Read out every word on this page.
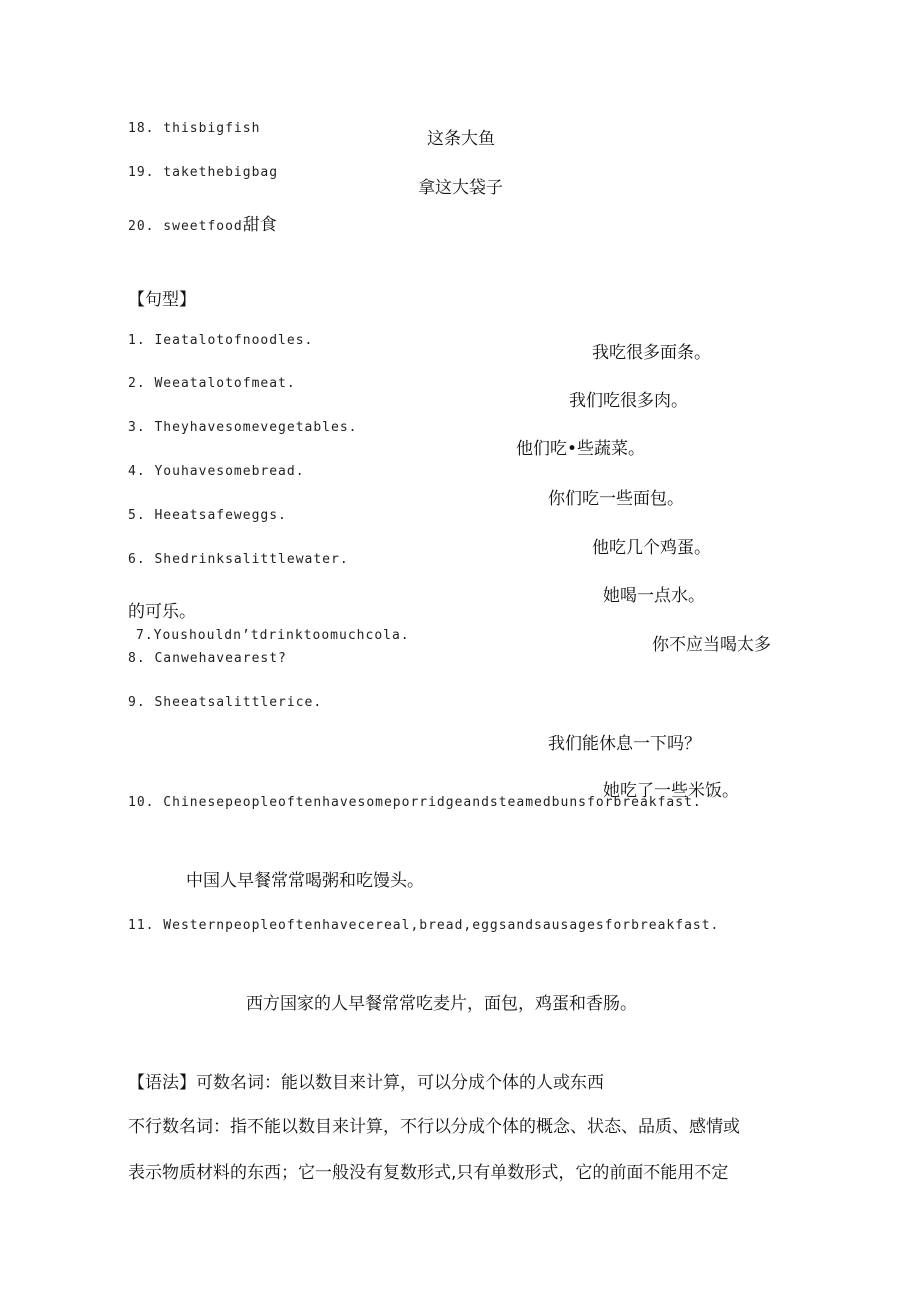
18. thisbigfish
这条大鱼
19. takethebigbag
拿这大袋子
20. sweetfood甜食
【句型】
1. Ieatalotofnoodles.
我吃很多面条。
2. Weeatalotofmeat.
我们吃很多肉。
3. Theyhavesomevegetables.
他们吃•些蔬菜。
4. Youhavesomebread.
你们吃一些面包。
5. Heeatsafeweggs.
他吃几个鸡蛋。
6. Shedrinksalittlewater.
她喝一点水。
的可乐。
7.Youshouldn’tdrinktoomuchcola.	你不应当喝太多
8. Canwehavearest?
9. Sheeatsalittlerice.
我们能休息一下吗？
她吃了一些米饭。
10. Chinesepeopleoftenhavesomeporridgeandsteamedbunsforbreakfast.
中国人早餐常常喝粥和吃馒头。
11. Westernpeopleoftenhavecereal,bread,eggsandsausagesforbreakfast.
西方国家的人早餐常常吃麦片，面包，鸡蛋和香肠。
【语法】可数名词：能以数目来计算，可以分成个体的人或东西
不行数名词：指不能以数目来计算，不行以分成个体的概念、状态、品质、感情或
表示物质材料的东西；它一般没有复数形式,只有单数形式，它的前面不能用不定
